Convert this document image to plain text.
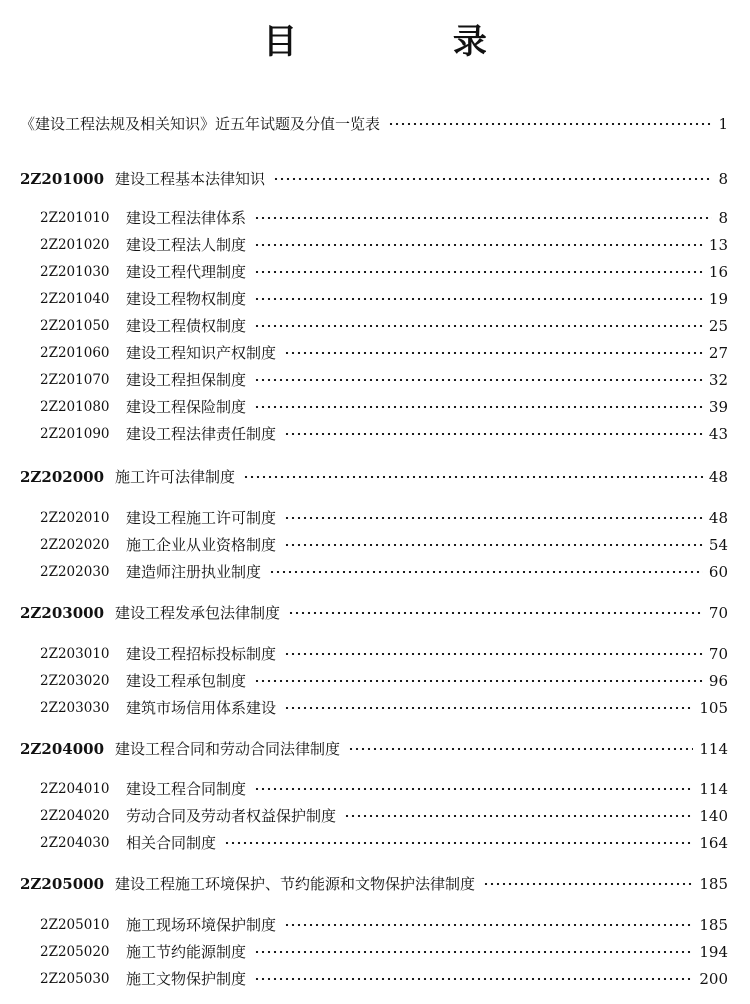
目 录
《建设工程法规及相关知识》近五年试题及分值一览表	1
2Z201000 建设工程基本法律知识	8
2Z201010	建设工程法律体系	8
2Z201020	建设工程法人制度	13
2Z201030	建设工程代理制度	16
2Z201040	建设工程物权制度	19
2Z201050	建设工程债权制度	25
2Z201060	建设工程知识产权制度	27
2Z201070	建设工程担保制度	32
2Z201080	建设工程保险制度	39
2Z201090	建设工程法律责任制度	43
2Z202000 施工许可法律制度	48
2Z202010	建设工程施工许可制度	48
2Z202020	施工企业从业资格制度	54
2Z202030	建造师注册执业制度	60
2Z203000 建设工程发承包法律制度	70
2Z203010	建设工程招标投标制度	70
2Z203020	建设工程承包制度	96
2Z203030	建筑市场信用体系建设	105
2Z204000 建设工程合同和劳动合同法律制度	114
2Z204010	建设工程合同制度	114
2Z204020	劳动合同及劳动者权益保护制度	140
2Z204030	相关合同制度	164
2Z205000 建设工程施工环境保护、节约能源和文物保护法律制度	185
2Z205010	施工现场环境保护制度	185
2Z205020	施工节约能源制度	194
2Z205030	施工文物保护制度	200
